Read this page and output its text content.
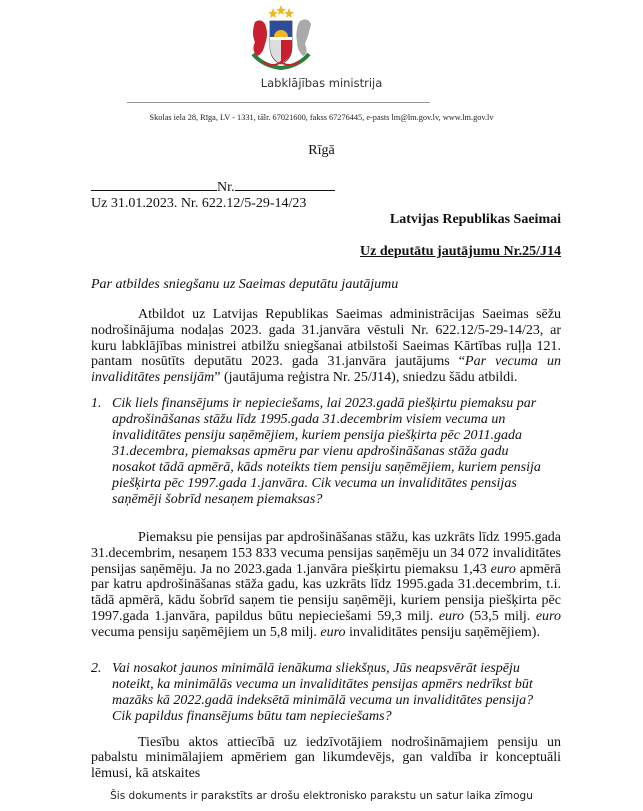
Labklājības ministrija
Skolas iela 28, Rīga, LV - 1331, tālr. 67021600, fakss 67276445, e-pasts lm@lm.gov.lv, www.lm.gov.lv
Rīgā
Nr.
Uz 31.01.2023. Nr. 622.12/5-29-14/23
Latvijas Republikas Saeimai
Uz deputātu jautājumu Nr.25/J14
Par atbildes sniegšanu uz Saeimas deputātu jautājumu

Atbildot uz Latvijas Republikas Saeimas administrācijas Saeimas sēžu nodrošinājuma nodaļas 2023. gada 31.janvāra vēstuli Nr. 622.12/5-29-14/23, ar kuru labklājības ministrei atbilžu sniegšanai atbilstoši Saeimas Kārtības ruļļa 121. pantam nosūtīts deputātu 2023. gada 31.janvāra jautājums “Par vecuma un invaliditātes pensijām” (jautājuma reģistra Nr. 25/J14), sniedzu šādu atbildi.

1. Cik liels finansējums ir nepieciešams, lai 2023.gadā piešķirtu piemaksu par apdrošināšanas stāžu līdz 1995.gada 31.decembrim visiem vecuma un invaliditātes pensiju saņēmējiem, kuriem pensija piešķirta pēc 2011.gada 31.decembra, piemaksas apmēru par vienu apdrošināšanas stāža gadu nosakot tādā apmērā, kāds noteikts tiem pensiju saņēmējiem, kuriem pensija piešķirta pēc 1997.gada 1.janvāra. Cik vecuma un invaliditātes pensijas saņēmēji šobrīd nesaņem piemaksas?

Piemaksu pie pensijas par apdrošināšanas stāžu, kas uzkrāts līdz 1995.gada 31.decembrim, nesaņem 153 833 vecuma pensijas saņēmēju un 34 072 invaliditātes pensijas saņēmēju. Ja no 2023.gada 1.janvāra piešķirtu piemaksu 1,43 euro apmērā par katru apdrošināšanas stāža gadu, kas uzkrāts līdz 1995.gada 31.decembrim, t.i. tādā apmērā, kādu šobrīd saņem tie pensiju saņēmēji, kuriem pensija piešķirta pēc 1997.gada 1.janvāra, papildus būtu nepieciešami 59,3 milj. euro (53,5 milj. euro vecuma pensiju saņēmējiem un 5,8 milj. euro invaliditātes pensiju saņēmējiem).

2. Vai nosakot jaunos minimālā ienākuma sliekšņus, Jūs neapsvērāt iespēju noteikt, ka minimālās vecuma un invaliditātes pensijas apmērs nedrīkst būt mazāks kā 2022.gadā indeksētā minimālā vecuma un invaliditātes pensija? Cik papildus finansējums būtu tam nepieciešams?

Tiesību aktos attiecībā uz iedzīvotājiem nodrošināmajiem pensiju un pabalstu minimālajiem apmēriem gan likumdevējs, gan valdība ir konceptuāli lēmusi, kā atskaites

Šis dokuments ir parakstīts ar drošu elektronisko parakstu un satur laika zīmogu
